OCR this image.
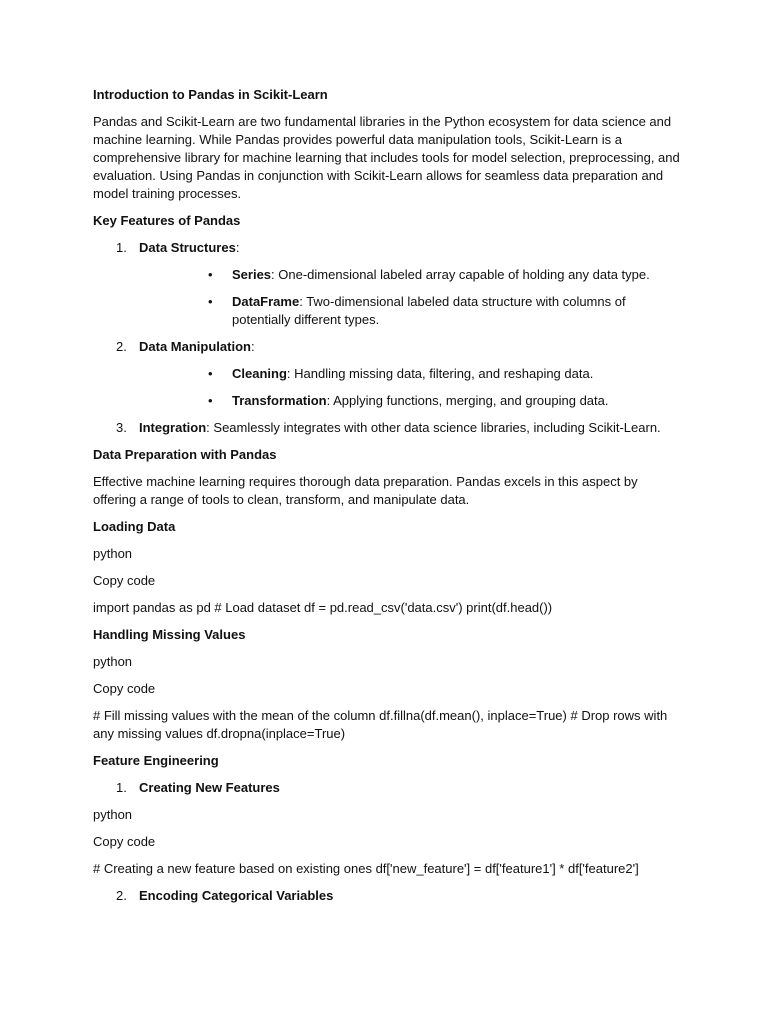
Introduction to Pandas in Scikit-Learn

Pandas and Scikit-Learn are two fundamental libraries in the Python ecosystem for data science and machine learning. While Pandas provides powerful data manipulation tools, Scikit-Learn is a comprehensive library for machine learning that includes tools for model selection, preprocessing, and evaluation. Using Pandas in conjunction with Scikit-Learn allows for seamless data preparation and model training processes.

Key Features of Pandas
1. Data Structures:
• Series: One-dimensional labeled array capable of holding any data type.
• DataFrame: Two-dimensional labeled data structure with columns of potentially different types.
2. Data Manipulation:
• Cleaning: Handling missing data, filtering, and reshaping data.
• Transformation: Applying functions, merging, and grouping data.
3. Integration: Seamlessly integrates with other data science libraries, including Scikit-Learn.
Data Preparation with Pandas

Effective machine learning requires thorough data preparation. Pandas excels in this aspect by offering a range of tools to clean, transform, and manipulate data.

Loading Data

python

Copy code

import pandas as pd # Load dataset df = pd.read_csv('data.csv') print(df.head())

Handling Missing Values

python

Copy code

# Fill missing values with the mean of the column df.fillna(df.mean(), inplace=True) # Drop rows with any missing values df.dropna(inplace=True)

Feature Engineering
1. Creating New Features

python

Copy code

# Creating a new feature based on existing ones df['new_feature'] = df['feature1'] * df['feature2']

2. Encoding Categorical Variables
